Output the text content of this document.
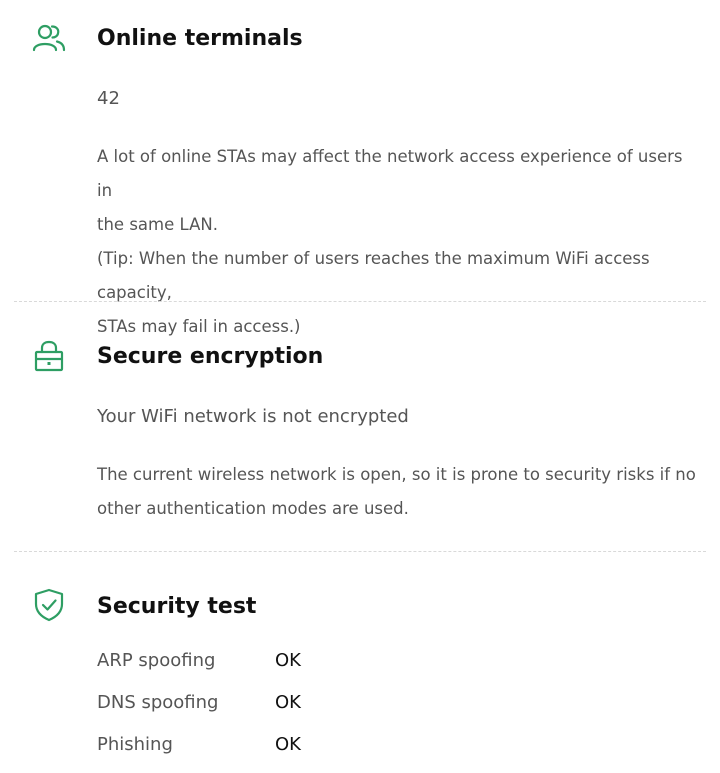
Online terminals
42
A lot of online STAs may affect the network access experience of users in
the same LAN.
(Tip: When the number of users reaches the maximum WiFi access capacity,
STAs may fail in access.)
Secure encryption
Your WiFi network is not encrypted
The current wireless network is open, so it is prone to security risks if no
other authentication modes are used.
Security test
ARP spoofing	OK
DNS spoofing	OK
Phishing	OK
